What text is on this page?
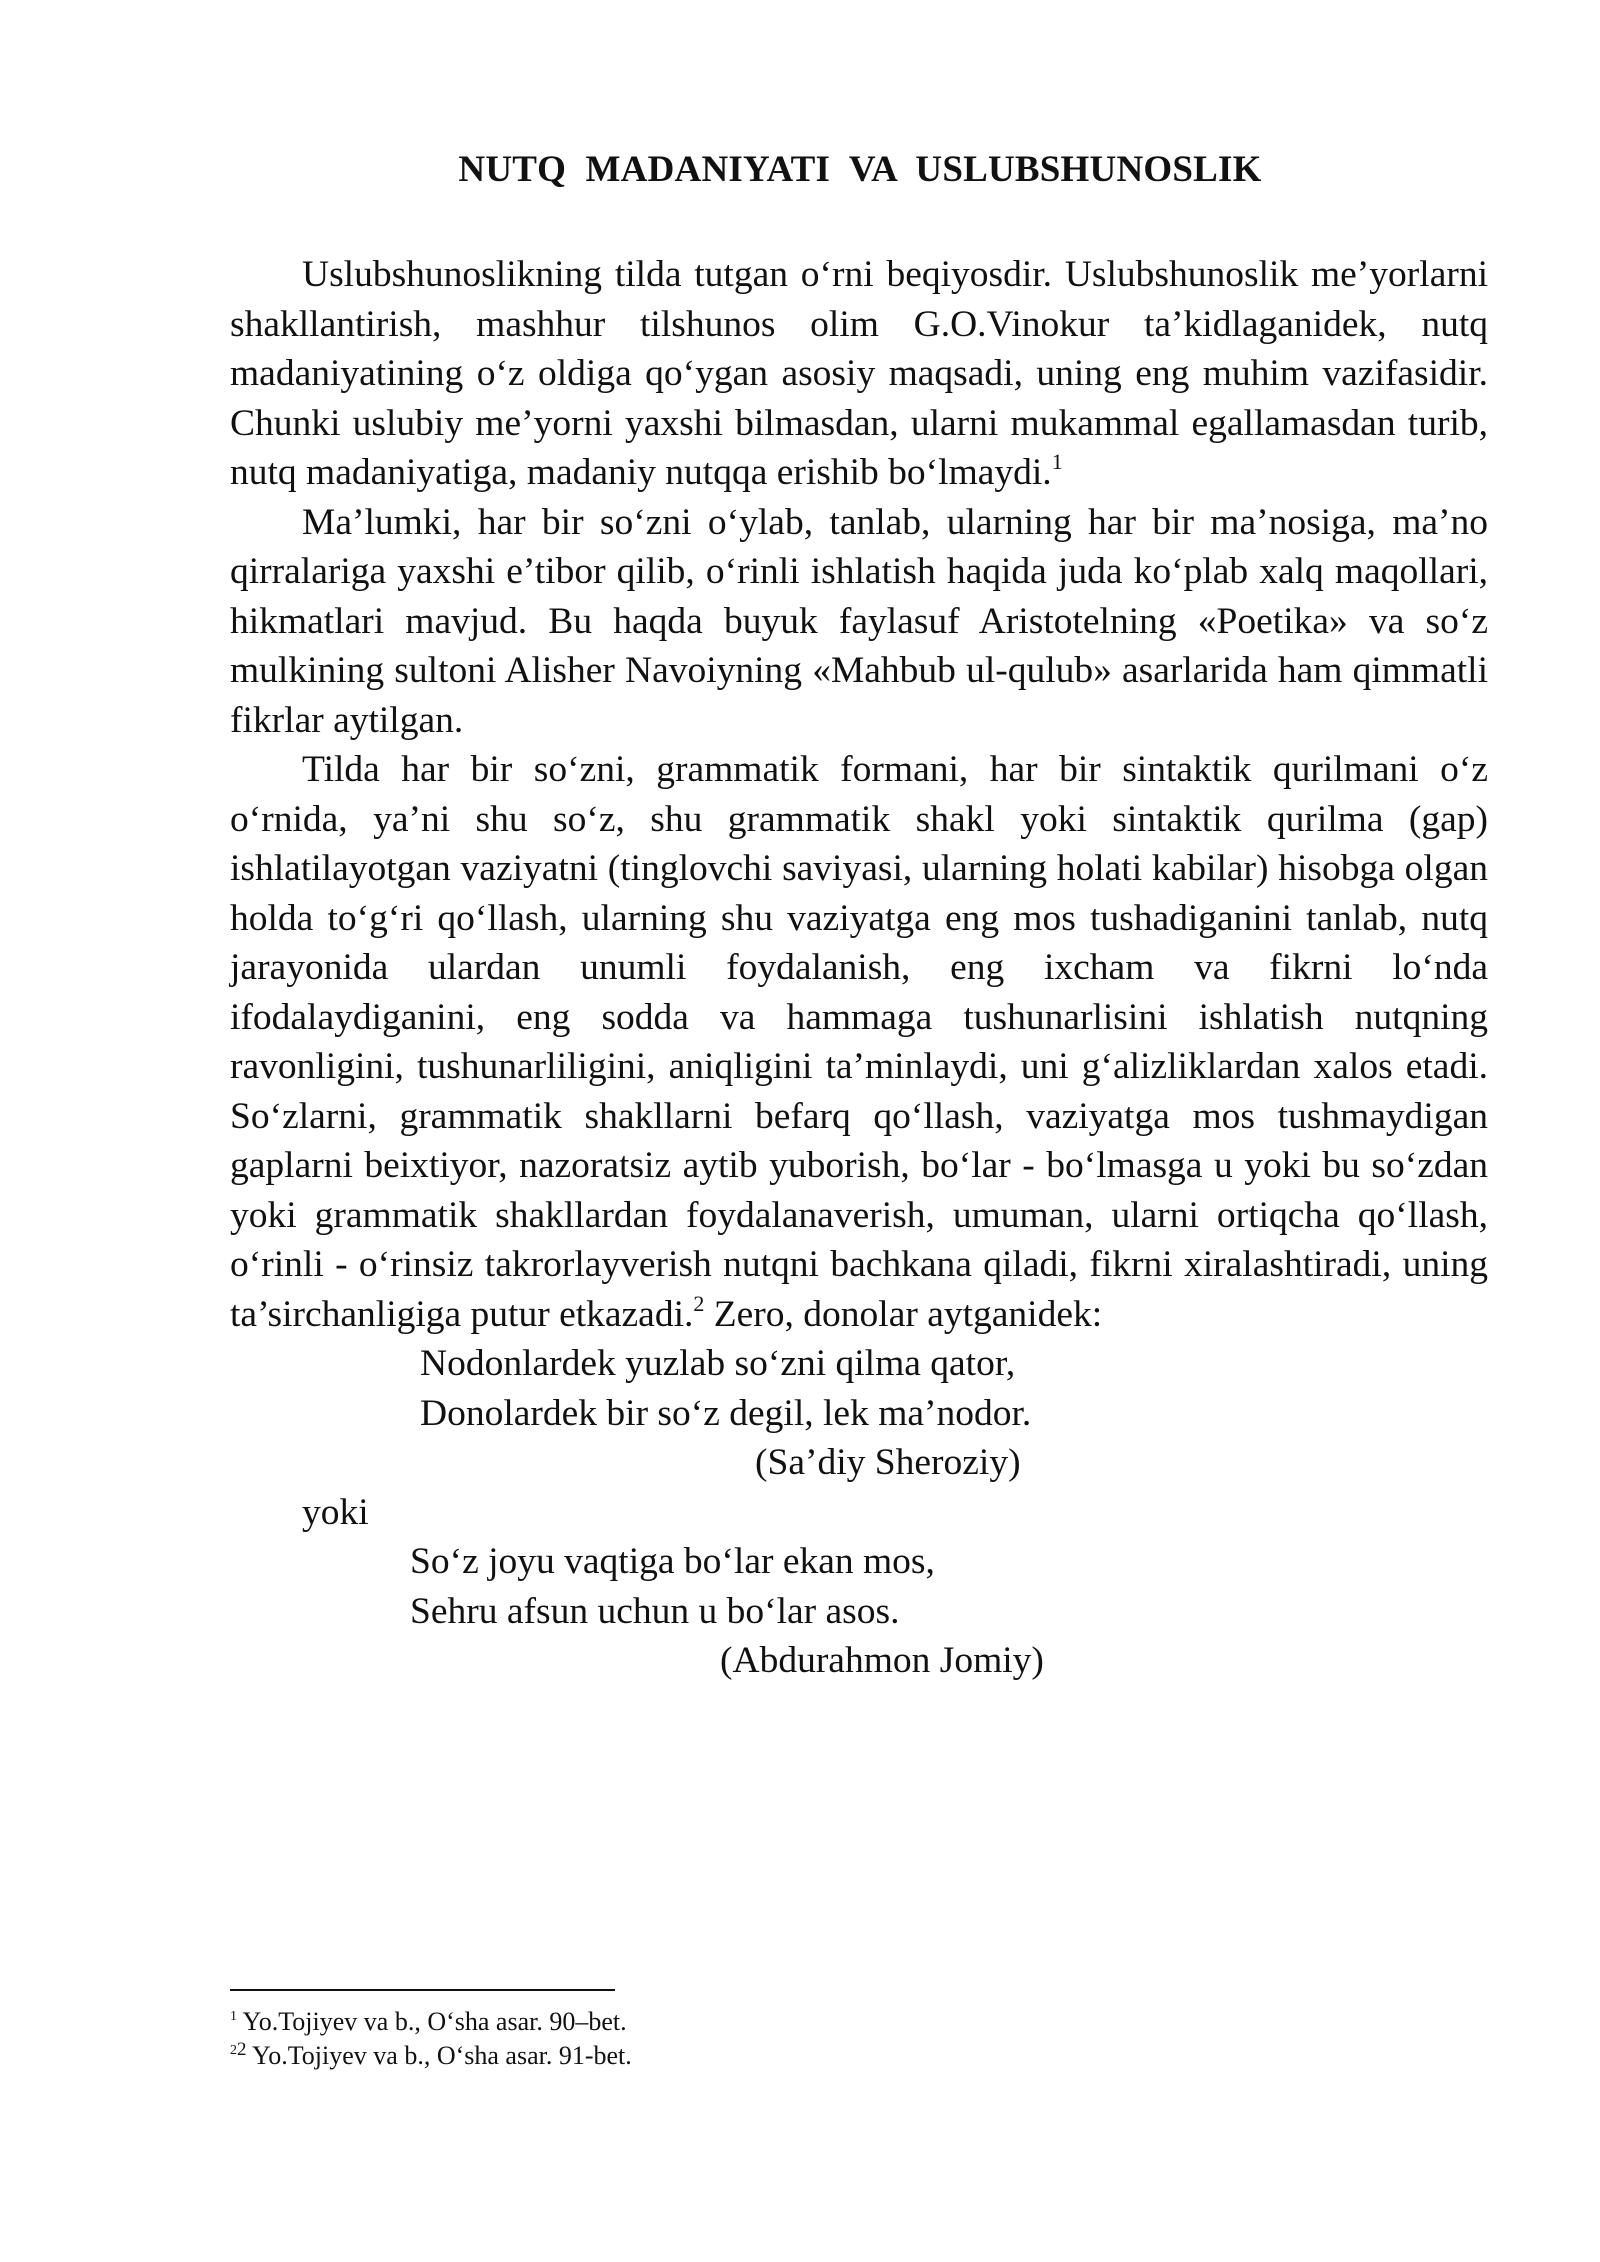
NUTQ MADANIYATI VA USLUBSHUNOSLIK

Uslubshunoslikning tilda tutgan o‘rni beqiyosdir. Uslubshunoslik me’yorlarni shakllantirish, mashhur tilshunos olim G.O.Vinokur ta’kidlaganidek, nutq madaniyatining o‘z oldiga qo‘ygan asosiy maqsadi, uning eng muhim vazifasidir. Chunki uslubiy me’yorni yaxshi bilmasdan, ularni mukammal egallamasdan turib, nutq madaniyatiga, madaniy nutqqa erishib bo‘lmaydi.$^1$

Ma’lumki, har bir so‘zni o‘ylab, tanlab, ularning har bir ma’nosiga, ma’no qirralariga yaxshi e’tibor qilib, o‘rinli ishlatish haqida juda ko‘plab xalq maqollari, hikmatlari mavjud. Bu haqda buyuk faylasuf Aristotelning «Poetika» va so‘z mulkining sultoni Alisher Navoiyning «Mahbub ul-qulub» asarlarida ham qimmatli fikrlar aytilgan.

Tilda har bir so‘zni, grammatik formani, har bir sintaktik qurilmani o‘z o‘rnida, ya’ni shu so‘z, shu grammatik shakl yoki sintaktik qurilma (gap) ishlatilayotgan vaziyatni (tinglovchi saviyasi, ularning holati kabilar) hisobga olgan holda to‘g‘ri qo‘llash, ularning shu vaziyatga eng mos tushadiganini tanlab, nutq jarayonida ulardan unumli foydalanish, eng ixcham va fikrni lo‘nda ifodalaydiganini, eng sodda va hammaga tushunarlisini ishlatish nutqning ravonligini, tushunarliligini, aniqligini ta’minlaydi, uni g‘alizliklardan xalos etadi. So‘zlarni, grammatik shakllarni befarq qo‘llash, vaziyatga mos tushmaydigan gaplarni beixtiyor, nazoratsiz aytib yuborish, bo‘lar - bo‘lmasga u yoki bu so‘zdan yoki grammatik shakllardan foydalanaverish, umuman, ularni ortiqcha qo‘llash, o‘rinli - o‘rinsiz takrorlayverish nutqni bachkana qiladi, fikrni xiralashtiradi, uning ta’sirchanligiga putur etkazadi.$^2$ Zero, donolar aytganidek:

Nodonlardek yuzlab so‘zni qilma qator,
Donolardek bir so‘z degil, lek ma’nodor.
(Sa’diy Sheroziy)
yoki
So‘z joyu vaqtiga bo‘lar ekan mos,
Sehru afsun uchun u bo‘lar asos.
(Abdurahmon Jomiy)
$^1$ Yo.Tojiyev va b., O‘sha asar. 90–bet.
$^{22}$ Yo.Tojiyev va b., O‘sha asar. 91-bet.
